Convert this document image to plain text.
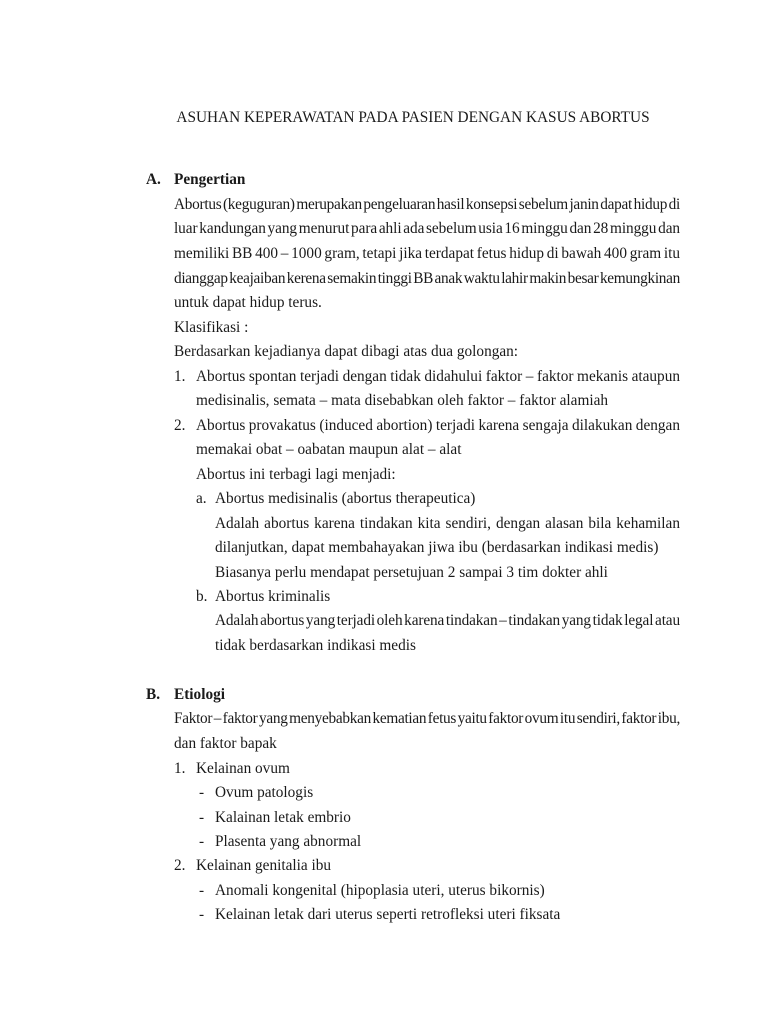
ASUHAN KEPERAWATAN PADA PASIEN DENGAN KASUS ABORTUS
A. Pengertian
Abortus (keguguran) merupakan pengeluaran hasil konsepsi sebelum janin dapat hidup di
luar kandungan yang menurut para ahli ada sebelum usia 16 minggu dan 28 minggu dan
memiliki BB 400 – 1000 gram, tetapi jika terdapat fetus hidup di bawah 400 gram itu
dianggap keajaiban kerena semakin tinggi BB anak waktu lahir makin besar kemungkinan
untuk dapat hidup terus.
Klasifikasi :
Berdasarkan kejadianya dapat dibagi atas dua golongan:
1. Abortus spontan terjadi dengan tidak didahului faktor – faktor mekanis ataupun
medisinalis, semata – mata disebabkan oleh faktor – faktor alamiah
2. Abortus provakatus (induced abortion) terjadi karena sengaja dilakukan dengan
memakai obat – oabatan maupun alat – alat
Abortus ini terbagi lagi menjadi:
a. Abortus medisinalis (abortus therapeutica)
Adalah abortus karena tindakan kita sendiri, dengan alasan bila kehamilan
dilanjutkan, dapat membahayakan jiwa ibu (berdasarkan indikasi medis)
Biasanya perlu mendapat persetujuan 2 sampai 3 tim dokter ahli
b. Abortus kriminalis
Adalah abortus yang terjadi oleh karena tindakan – tindakan yang tidak legal atau
tidak berdasarkan indikasi medis
B. Etiologi
Faktor – faktor yang menyebabkan kematian fetus yaitu faktor ovum itu sendiri, faktor ibu,
dan faktor bapak
1. Kelainan ovum
- Ovum patologis
- Kalainan letak embrio
- Plasenta yang abnormal
2. Kelainan genitalia ibu
- Anomali kongenital (hipoplasia uteri, uterus bikornis)
- Kelainan letak dari uterus seperti retrofleksi uteri fiksata
